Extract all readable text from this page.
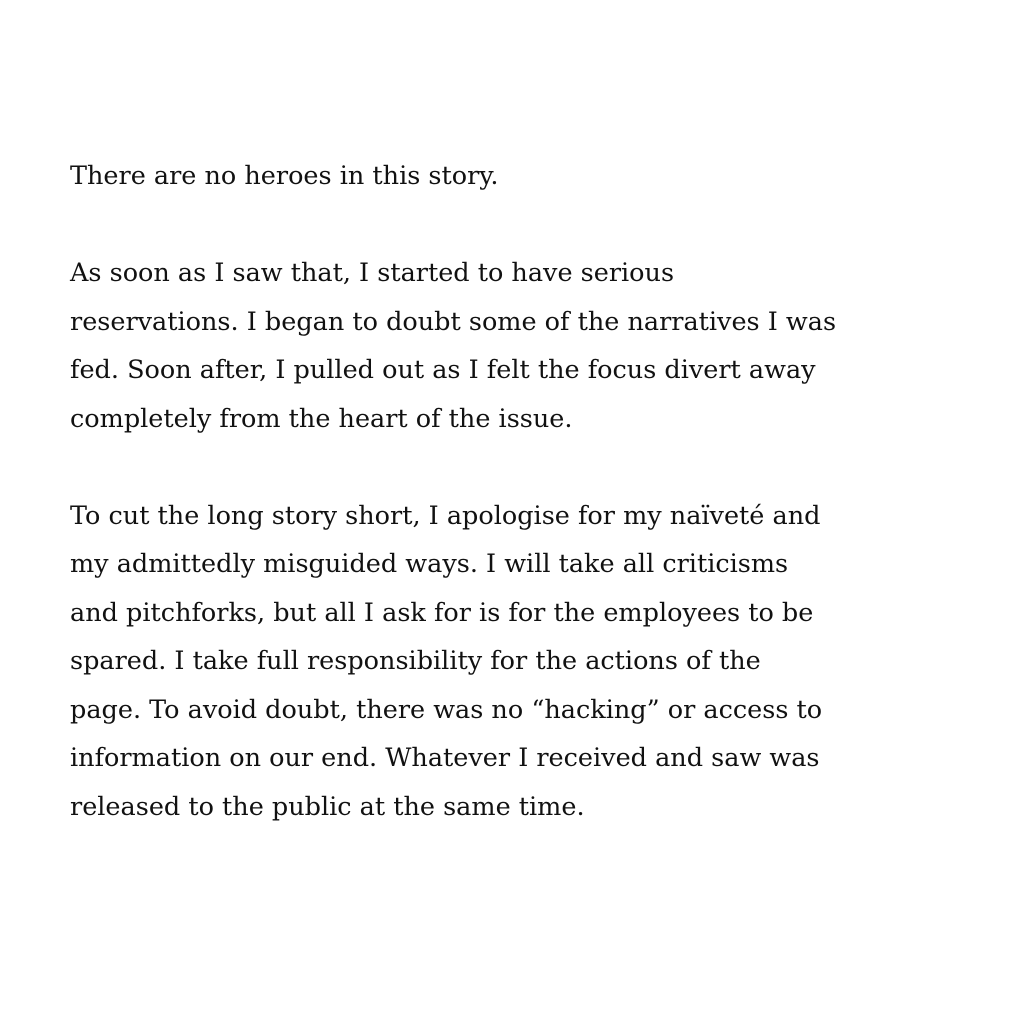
There are no heroes in this story.

As soon as I saw that, I started to have serious
reservations. I began to doubt some of the narratives I was
fed. Soon after, I pulled out as I felt the focus divert away
completely from the heart of the issue.

To cut the long story short, I apologise for my naïveté and
my admittedly misguided ways. I will take all criticisms
and pitchforks, but all I ask for is for the employees to be
spared. I take full responsibility for the actions of the
page. To avoid doubt, there was no “hacking” or access to
information on our end. Whatever I received and saw was
released to the public at the same time.
